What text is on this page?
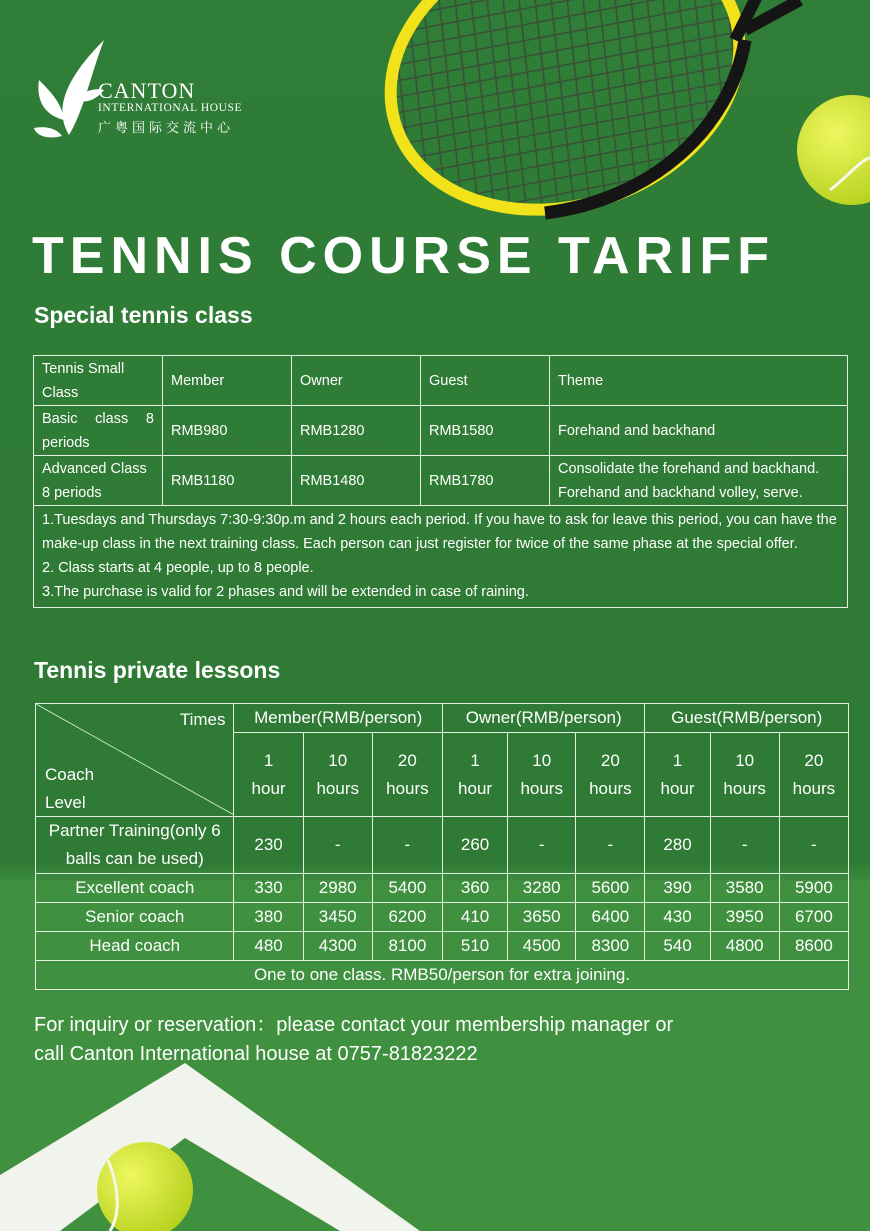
CANTON
INTERNATIONAL HOUSE
广粤国际交流中心
TENNIS COURSE TARIFF
Special tennis class
Tennis Small Class	Member	Owner	Guest	Theme
Basic class 8 periods	RMB980	RMB1280	RMB1580	Forehand and backhand
Advanced Class 8 periods	RMB1180	RMB1480	RMB1780	Consolidate the forehand and backhand. Forehand and backhand volley, serve.

1.Tuesdays and Thursdays 7:30-9:30p.m and 2 hours each period. If you have to ask for leave this period, you can have the make-up class in the next training class. Each person can just register for twice of the same phase at the special offer.
2. Class starts at 4 people, up to 8 people.
3.The purchase is valid for 2 phases and will be extended in case of raining.				
Tennis private lessons
Times
Coach
Level	Member(RMB/person)			Owner(RMB/person)			Guest(RMB/person)		
	1 hour	10 hours	20 hours	1 hour	10 hours	20 hours	1 hour	10 hours	20 hours
Partner Training(only 6 balls can be used)	230	-	-	260	-	-	280	-	-
Excellent coach	330	2980	5400	360	3280	5600	390	3580	5900
Senior coach	380	3450	6200	410	3650	6400	430	3950	6700
Head coach	480	4300	8100	510	4500	8300	540	4800	8600
One to one class. RMB50/person for extra joining.									
For inquiry or reservation：please contact your membership manager or
call Canton International house at 0757-81823222
